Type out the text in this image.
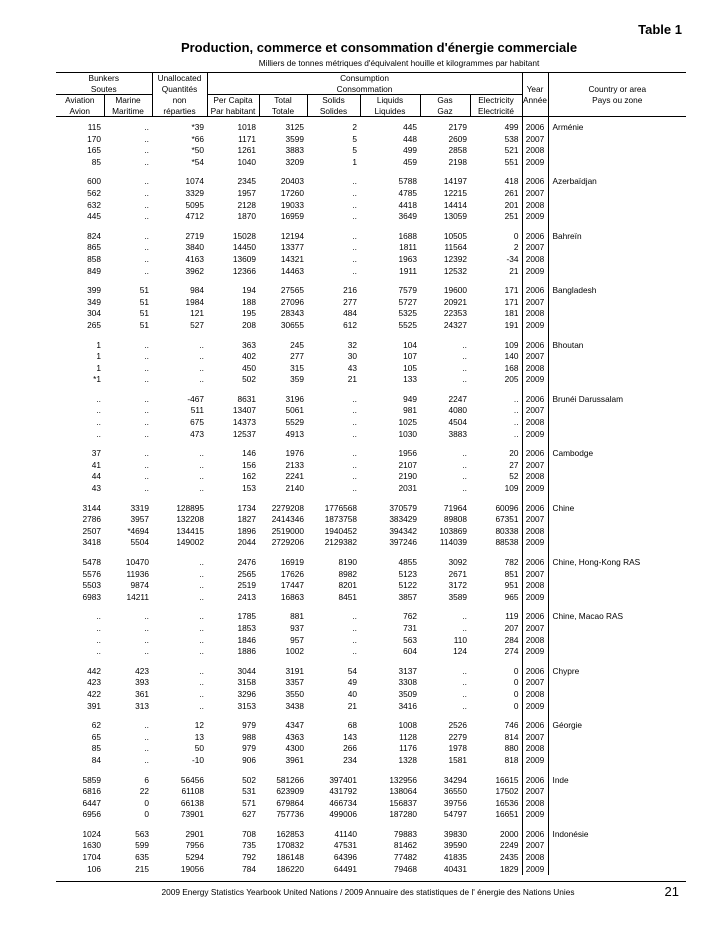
Table 1
Production, commerce et consommation d'énergie commerciale
Milliers de tonnes métriques d'équivalent houille et kilogrammes par habitant
Bunkers		Unallocated	Consumption							
Soutes		Quantités	Consommation						Year	Country or area
Aviation	Marine	non	Per Capita	Total	Solids	Liquids	Gas	Electricity	Année	Pays ou zone
Avion	Maritime	réparties	Par habitant	Totale	Solides	Liquides	Gaz	Electricité		
115	..	*39	1018	3125	2	445	2179	499	2006	Arménie
170	..	*66	1171	3599	5	448	2609	538	2007	
165	..	*50	1261	3883	5	499	2858	521	2008	
85	..	*54	1040	3209	1	459	2198	551	2009	
600	..	1074	2345	20403	..	5788	14197	418	2006	Azerbaïdjan
562	..	3329	1957	17260	..	4785	12215	261	2007	
632	..	5095	2128	19033	..	4418	14414	201	2008	
445	..	4712	1870	16959	..	3649	13059	251	2009	
824	..	2719	15028	12194	..	1688	10505	0	2006	Bahreïn
865	..	3840	14450	13377	..	1811	11564	2	2007	
858	..	4163	13609	14321	..	1963	12392	-34	2008	
849	..	3962	12366	14463	..	1911	12532	21	2009	
399	51	984	194	27565	216	7579	19600	171	2006	Bangladesh
349	51	1984	188	27096	277	5727	20921	171	2007	
304	51	121	195	28343	484	5325	22353	181	2008	
265	51	527	208	30655	612	5525	24327	191	2009	
1	..	..	363	245	32	104	..	109	2006	Bhoutan
1	..	..	402	277	30	107	..	140	2007	
1	..	..	450	315	43	105	..	168	2008	
*1	..	..	502	359	21	133	..	205	2009	
..	..	-467	8631	3196	..	949	2247	..	2006	Brunéi Darussalam
..	..	511	13407	5061	..	981	4080	..	2007	
..	..	675	14373	5529	..	1025	4504	..	2008	
..	..	473	12537	4913	..	1030	3883	..	2009	
37	..	..	146	1976	..	1956	..	20	2006	Cambodge
41	..	..	156	2133	..	2107	..	27	2007	
44	..	..	162	2241	..	2190	..	52	2008	
43	..	..	153	2140	..	2031	..	109	2009	
3144	3319	128895	1734	2279208	1776568	370579	71964	60096	2006	Chine
2786	3957	132208	1827	2414346	1873758	383429	89808	67351	2007	
2507	*4694	134415	1896	2519000	1940452	394342	103869	80338	2008	
3418	5504	149002	2044	2729206	2129382	397246	114039	88538	2009	
5478	10470	..	2476	16919	8190	4855	3092	782	2006	Chine, Hong-Kong RAS
5576	11936	..	2565	17626	8982	5123	2671	851	2007	
5503	9874	..	2519	17447	8201	5122	3172	951	2008	
6983	14211	..	2413	16863	8451	3857	3589	965	2009	
..	..	..	1785	881	..	762	..	119	2006	Chine, Macao RAS
..	..	..	1853	937	..	731	..	207	2007	
..	..	..	1846	957	..	563	110	284	2008	
..	..	..	1886	1002	..	604	124	274	2009	
442	423	..	3044	3191	54	3137	..	0	2006	Chypre
423	393	..	3158	3357	49	3308	..	0	2007	
422	361	..	3296	3550	40	3509	..	0	2008	
391	313	..	3153	3438	21	3416	..	0	2009	
62	..	12	979	4347	68	1008	2526	746	2006	Géorgie
65	..	13	988	4363	143	1128	2279	814	2007	
85	..	50	979	4300	266	1176	1978	880	2008	
84	..	-10	906	3961	234	1328	1581	818	2009	
5859	6	56456	502	581266	397401	132956	34294	16615	2006	Inde
6816	22	61108	531	623909	431792	138064	36550	17502	2007	
6447	0	66138	571	679864	466734	156837	39756	16536	2008	
6956	0	73901	627	757736	499006	187280	54797	16651	2009	
1024	563	2901	708	162853	41140	79883	39830	2000	2006	Indonésie
1630	599	7956	735	170832	47531	81462	39590	2249	2007	
1704	635	5294	792	186148	64396	77482	41835	2435	2008	
106	215	19056	784	186220	64491	79468	40431	1829	2009	
2009 Energy Statistics Yearbook United Nations / 2009 Annuaire des statistiques de l' énergie des Nations Unies	21
